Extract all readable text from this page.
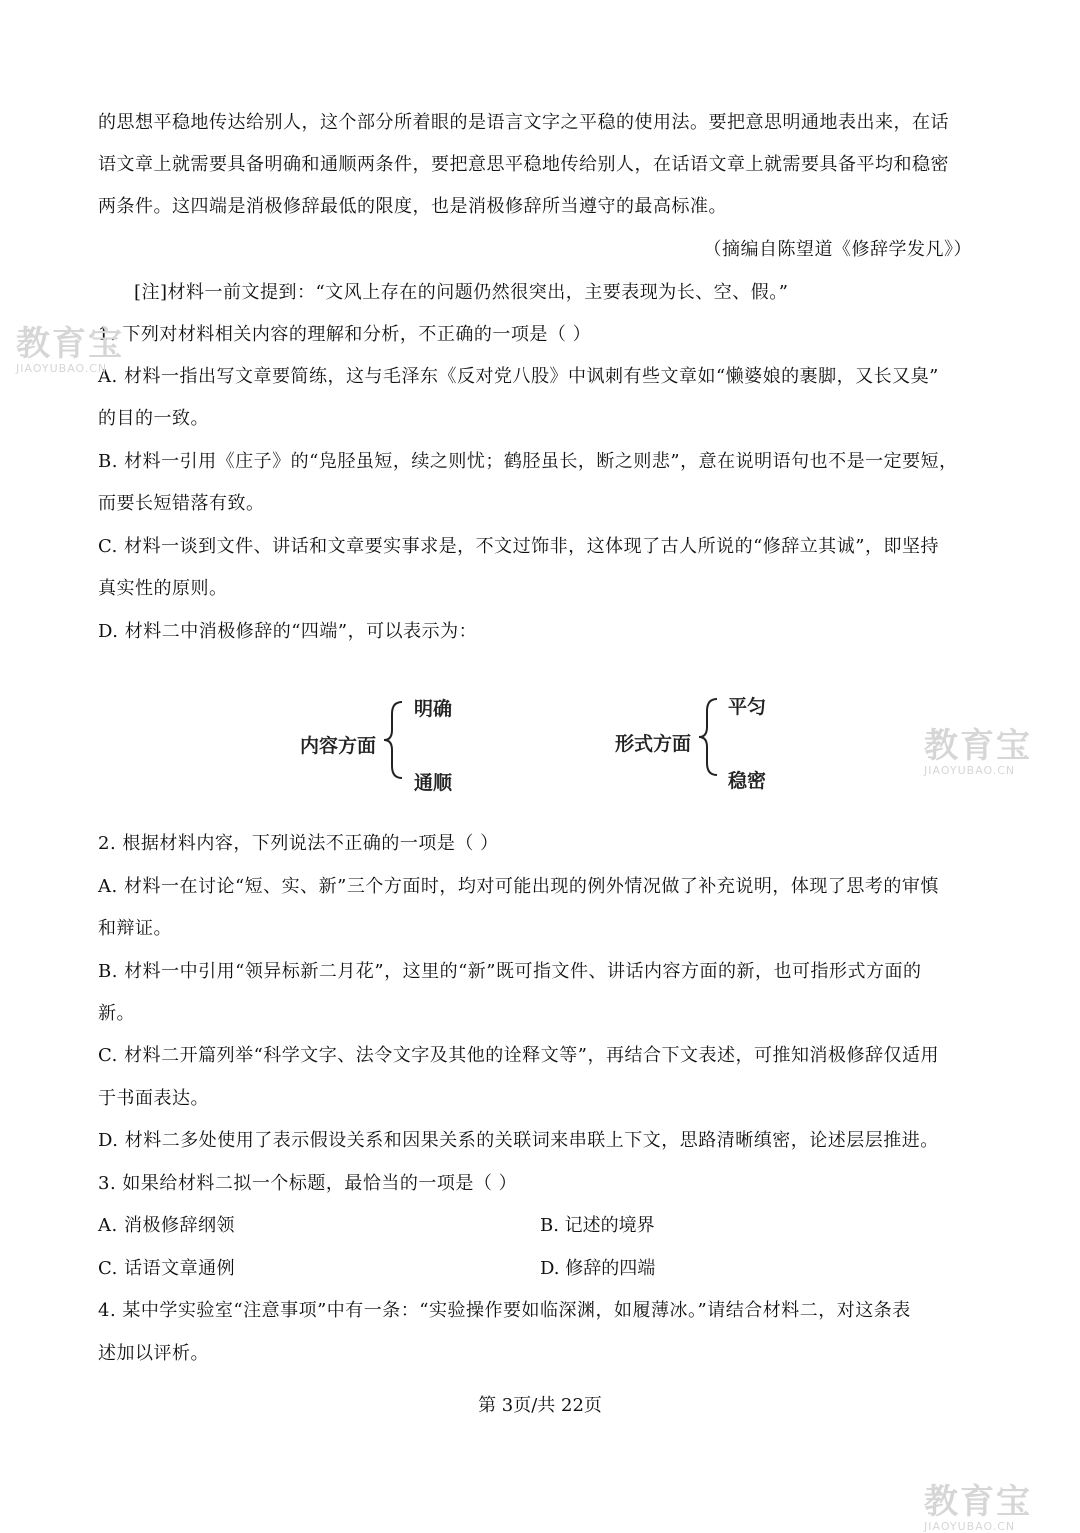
的思想平稳地传达给别人，这个部分所着眼的是语言文字之平稳的使用法。要把意思明通地表出来，在话
语文章上就需要具备明确和通顺两条件，要把意思平稳地传给别人，在话语文章上就需要具备平均和稳密
两条件。这四端是消极修辞最低的限度，也是消极修辞所当遵守的最高标准。
（摘编自陈望道《修辞学发凡》）
[注]材料一前文提到：“文风上存在的问题仍然很突出，主要表现为长、空、假。”
1. 下列对材料相关内容的理解和分析，不正确的一项是（ ）
A. 材料一指出写文章要简练，这与毛泽东《反对党八股》中讽刺有些文章如“懒婆娘的裹脚，又长又臭”
的目的一致。
B. 材料一引用《庄子》的“凫胫虽短，续之则忧；鹤胫虽长，断之则悲”，意在说明语句也不是一定要短，
而要长短错落有致。
C. 材料一谈到文件、讲话和文章要实事求是，不文过饰非，这体现了古人所说的“修辞立其诚”，即坚持
真实性的原则。
D. 材料二中消极修辞的“四端”，可以表示为：
内容方面
明确
通顺
形式方面
平匀
稳密
2. 根据材料内容，下列说法不正确的一项是（ ）
A. 材料一在讨论“短、实、新”三个方面时，均对可能出现的例外情况做了补充说明，体现了思考的审慎
和辩证。
B. 材料一中引用“领异标新二月花”，这里的“新”既可指文件、讲话内容方面的新，也可指形式方面的
新。
C. 材料二开篇列举“科学文字、法令文字及其他的诠释文等”，再结合下文表述，可推知消极修辞仅适用
于书面表达。
D. 材料二多处使用了表示假设关系和因果关系的关联词来串联上下文，思路清晰缜密，论述层层推进。
3. 如果给材料二拟一个标题，最恰当的一项是（ ）
A. 消极修辞纲领	B. 记述的境界
C. 话语文章通例	D. 修辞的四端
4. 某中学实验室“注意事项”中有一条：“实验操作要如临深渊，如履薄冰。”请结合材料二，对这条表
述加以评析。
第 3页/共 22页
教育宝
JIAOYUBAO.CN
教育宝
JIAOYUBAO.CN
教育宝
JIAOYUBAO.CN
